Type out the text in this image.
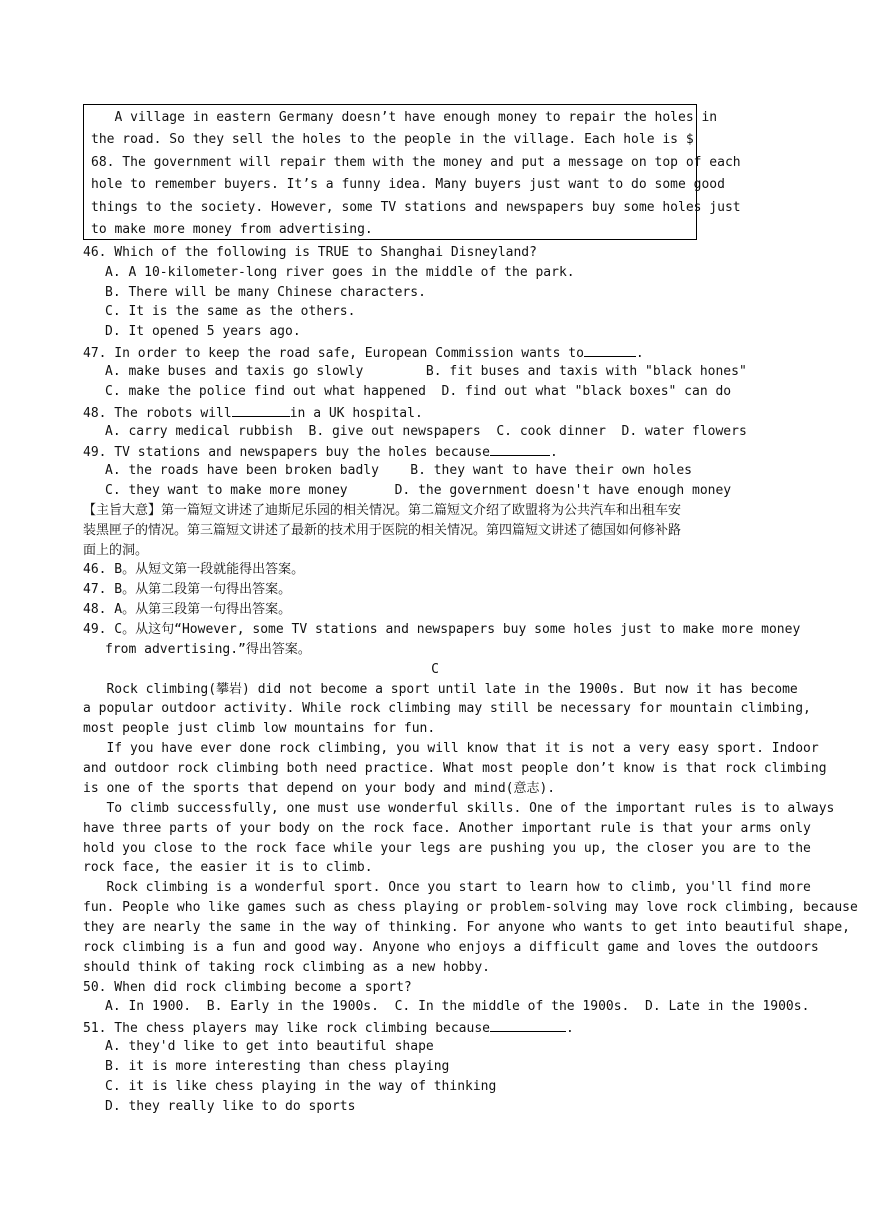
A village in eastern Germany doesn’t have enough money to repair the holes in
the road. So they sell the holes to the people in the village. Each hole is $
68. The government will repair them with the money and put a message on top of each
hole to remember buyers. It’s a funny idea. Many buyers just want to do some good
things to the society. However, some TV stations and newspapers buy some holes just
to make more money from advertising.
46. Which of the following is TRUE to Shanghai Disneyland?
A. A 10-kilometer-long river goes in the middle of the park.
B. There will be many Chinese characters.
C. It is the same as the others.
D. It opened 5 years ago.
47. In order to keep the road safe, European Commission wants to	.
A. make buses and taxis go slowly        B. fit buses and taxis with "black hones"
C. make the police find out what happened  D. find out what "black boxes" can do
48. The robots will	in a UK hospital.
A. carry medical rubbish  B. give out newspapers  C. cook dinner  D. water flowers
49. TV stations and newspapers buy the holes because	.
A. the roads have been broken badly    B. they want to have their own holes
C. they want to make more money      D. the government doesn't have enough money
【主旨大意】第一篇短文讲述了迪斯尼乐园的相关情况。第二篇短文介绍了欧盟将为公共汽车和出租车安
装黑匣子的情况。第三篇短文讲述了最新的技术用于医院的相关情况。第四篇短文讲述了德国如何修补路
面上的洞。
46. B。从短文第一段就能得出答案。
47. B。从第二段第一句得出答案。
48. A。从第三段第一句得出答案。
49. C。从这句“However, some TV stations and newspapers buy some holes just to make more money
from advertising.”得出答案。
C
Rock climbing(攀岩) did not become a sport until late in the 1900s. But now it has become
a popular outdoor activity. While rock climbing may still be necessary for mountain climbing,
most people just climb low mountains for fun.
If you have ever done rock climbing, you will know that it is not a very easy sport. Indoor
and outdoor rock climbing both need practice. What most people don’t know is that rock climbing
is one of the sports that depend on your body and mind(意志).
To climb successfully, one must use wonderful skills. One of the important rules is to always
have three parts of your body on the rock face. Another important rule is that your arms only
hold you close to the rock face while your legs are pushing you up, the closer you are to the
rock face, the easier it is to climb.
Rock climbing is a wonderful sport. Once you start to learn how to climb, you'll find more
fun. People who like games such as chess playing or problem-solving may love rock climbing, because
they are nearly the same in the way of thinking. For anyone who wants to get into beautiful shape,
rock climbing is a fun and good way. Anyone who enjoys a difficult game and loves the outdoors
should think of taking rock climbing as a new hobby.
50. When did rock climbing become a sport?
A. In 1900.  B. Early in the 1900s.  C. In the middle of the 1900s.  D. Late in the 1900s.
51. The chess players may like rock climbing because	.
A. they'd like to get into beautiful shape
B. it is more interesting than chess playing
C. it is like chess playing in the way of thinking
D. they really like to do sports
